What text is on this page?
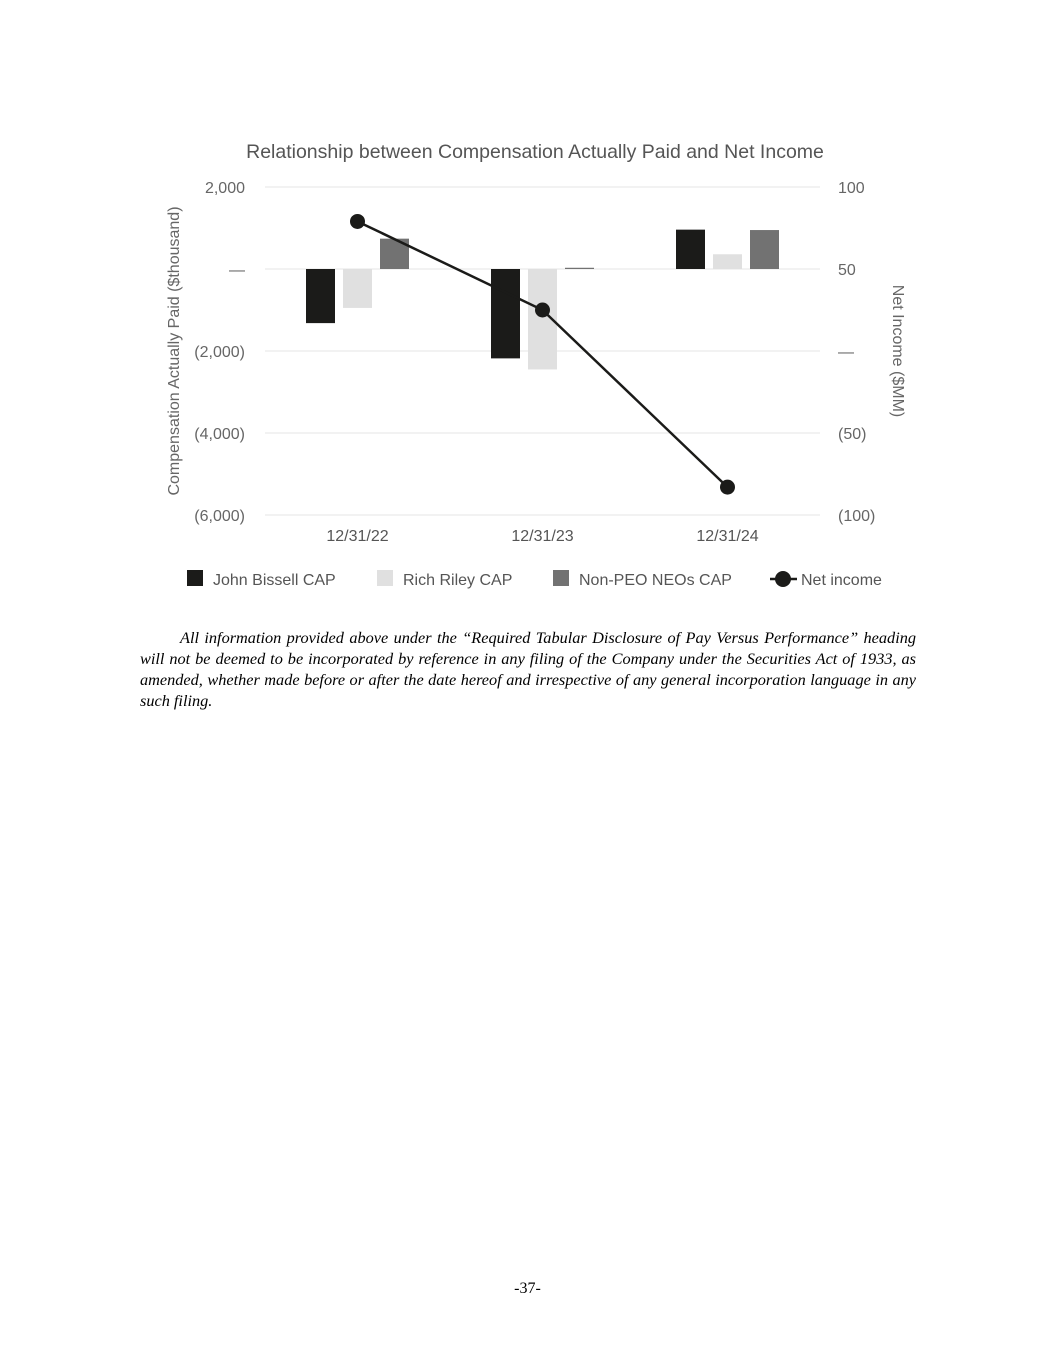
2,000
—
(2,000)
(4,000)
(6,000)
100
50
—
(50)
(100)
12/31/22	12/31/23	12/31/24
Relationship between Compensation Actually Paid and Net Income
Compensation Actually Paid ($thousand)	Net Income ($MM)
John Bissell CAP	Rich Riley CAP	Non-PEO NEOs CAP	Net income

All information provided above under the “Required Tabular Disclosure of Pay Versus Performance” heading will not be deemed to be incorporated by reference in any filing of the Company under the Securities Act of 1933, as amended, whether made before or after the date hereof and irrespective of any general incorporation language in any such filing.

-37-
